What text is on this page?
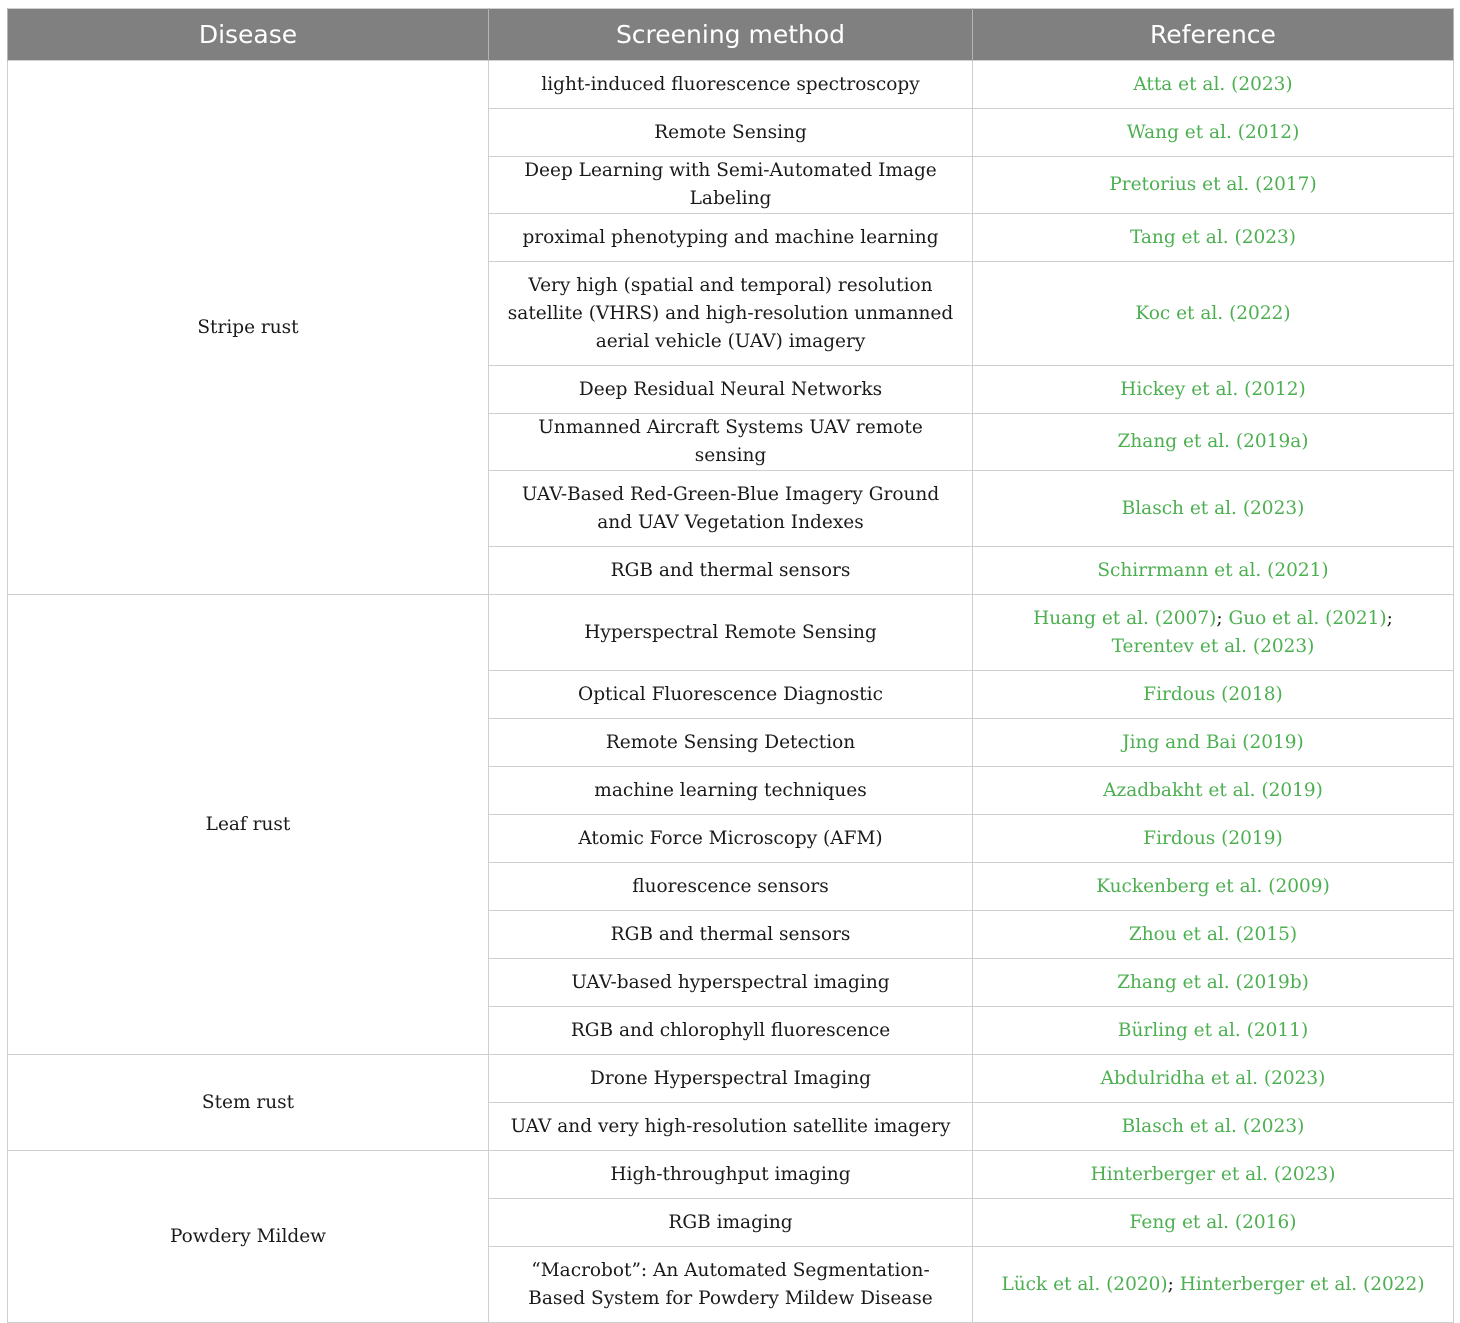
Disease	Screening method	Reference
Stripe rust	light-induced fluorescence spectroscopy	Atta et al. (2023)
	Remote Sensing	Wang et al. (2012)
	Deep Learning with Semi-Automated Image Labeling	Pretorius et al. (2017)
	proximal phenotyping and machine learning	Tang et al. (2023)
	Very high (spatial and temporal) resolution satellite (VHRS) and high-resolution unmanned aerial vehicle (UAV) imagery	Koc et al. (2022)
	Deep Residual Neural Networks	Hickey et al. (2012)
	Unmanned Aircraft Systems UAV remote sensing	Zhang et al. (2019a)
	UAV-Based Red-Green-Blue Imagery Ground and UAV Vegetation Indexes	Blasch et al. (2023)
	RGB and thermal sensors	Schirrmann et al. (2021)
Leaf rust	Hyperspectral Remote Sensing	Huang et al. (2007); Guo et al. (2021); Terentev et al. (2023)
	Optical Fluorescence Diagnostic	Firdous (2018)
	Remote Sensing Detection	Jing and Bai (2019)
	machine learning techniques	Azadbakht et al. (2019)
	Atomic Force Microscopy (AFM)	Firdous (2019)
	fluorescence sensors	Kuckenberg et al. (2009)
	RGB and thermal sensors	Zhou et al. (2015)
	UAV-based hyperspectral imaging	Zhang et al. (2019b)
	RGB and chlorophyll fluorescence	Bürling et al. (2011)
Stem rust	Drone Hyperspectral Imaging	Abdulridha et al. (2023)
	UAV and very high-resolution satellite imagery	Blasch et al. (2023)
Powdery Mildew	High-throughput imaging	Hinterberger et al. (2023)
	RGB imaging	Feng et al. (2016)
	“Macrobot”: An Automated Segmentation-Based System for Powdery Mildew Disease	Lück et al. (2020); Hinterberger et al. (2022)
